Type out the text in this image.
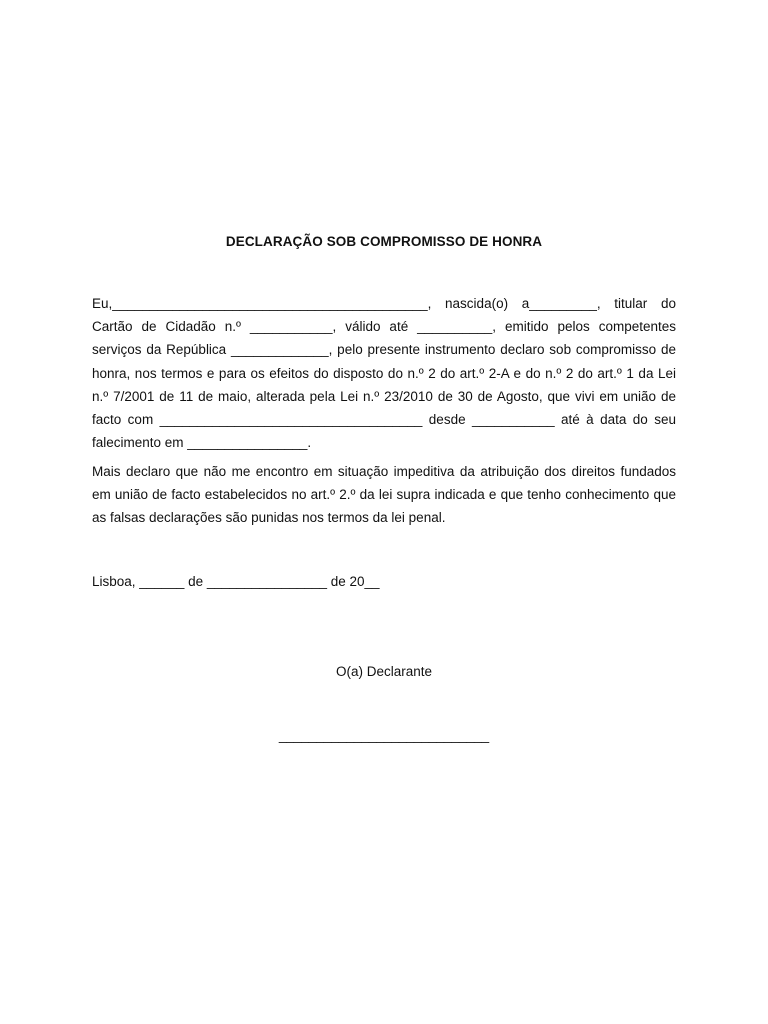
DECLARAÇÃO SOB COMPROMISSO DE HONRA

Eu,__________________________________________, nascida(o) a_________, titular do Cartão de Cidadão n.º ___________, válido até __________, emitido pelos competentes serviços da República _____________, pelo presente instrumento declaro sob compromisso de honra, nos termos e para os efeitos do disposto do n.º 2 do art.º 2-A e do n.º 2 do art.º 1 da Lei n.º 7/2001 de 11 de maio, alterada pela Lei n.º 23/2010 de 30 de Agosto, que vivi em união de facto com ___________________________________ desde ___________ até à data do seu falecimento em ________________.

Mais declaro que não me encontro em situação impeditiva da atribuição dos direitos fundados em união de facto estabelecidos no art.º 2.º da lei supra indicada e que tenho conhecimento que as falsas declarações são punidas nos termos da lei penal.

Lisboa, ______ de ________________ de 20__
O(a) Declarante
____________________________
